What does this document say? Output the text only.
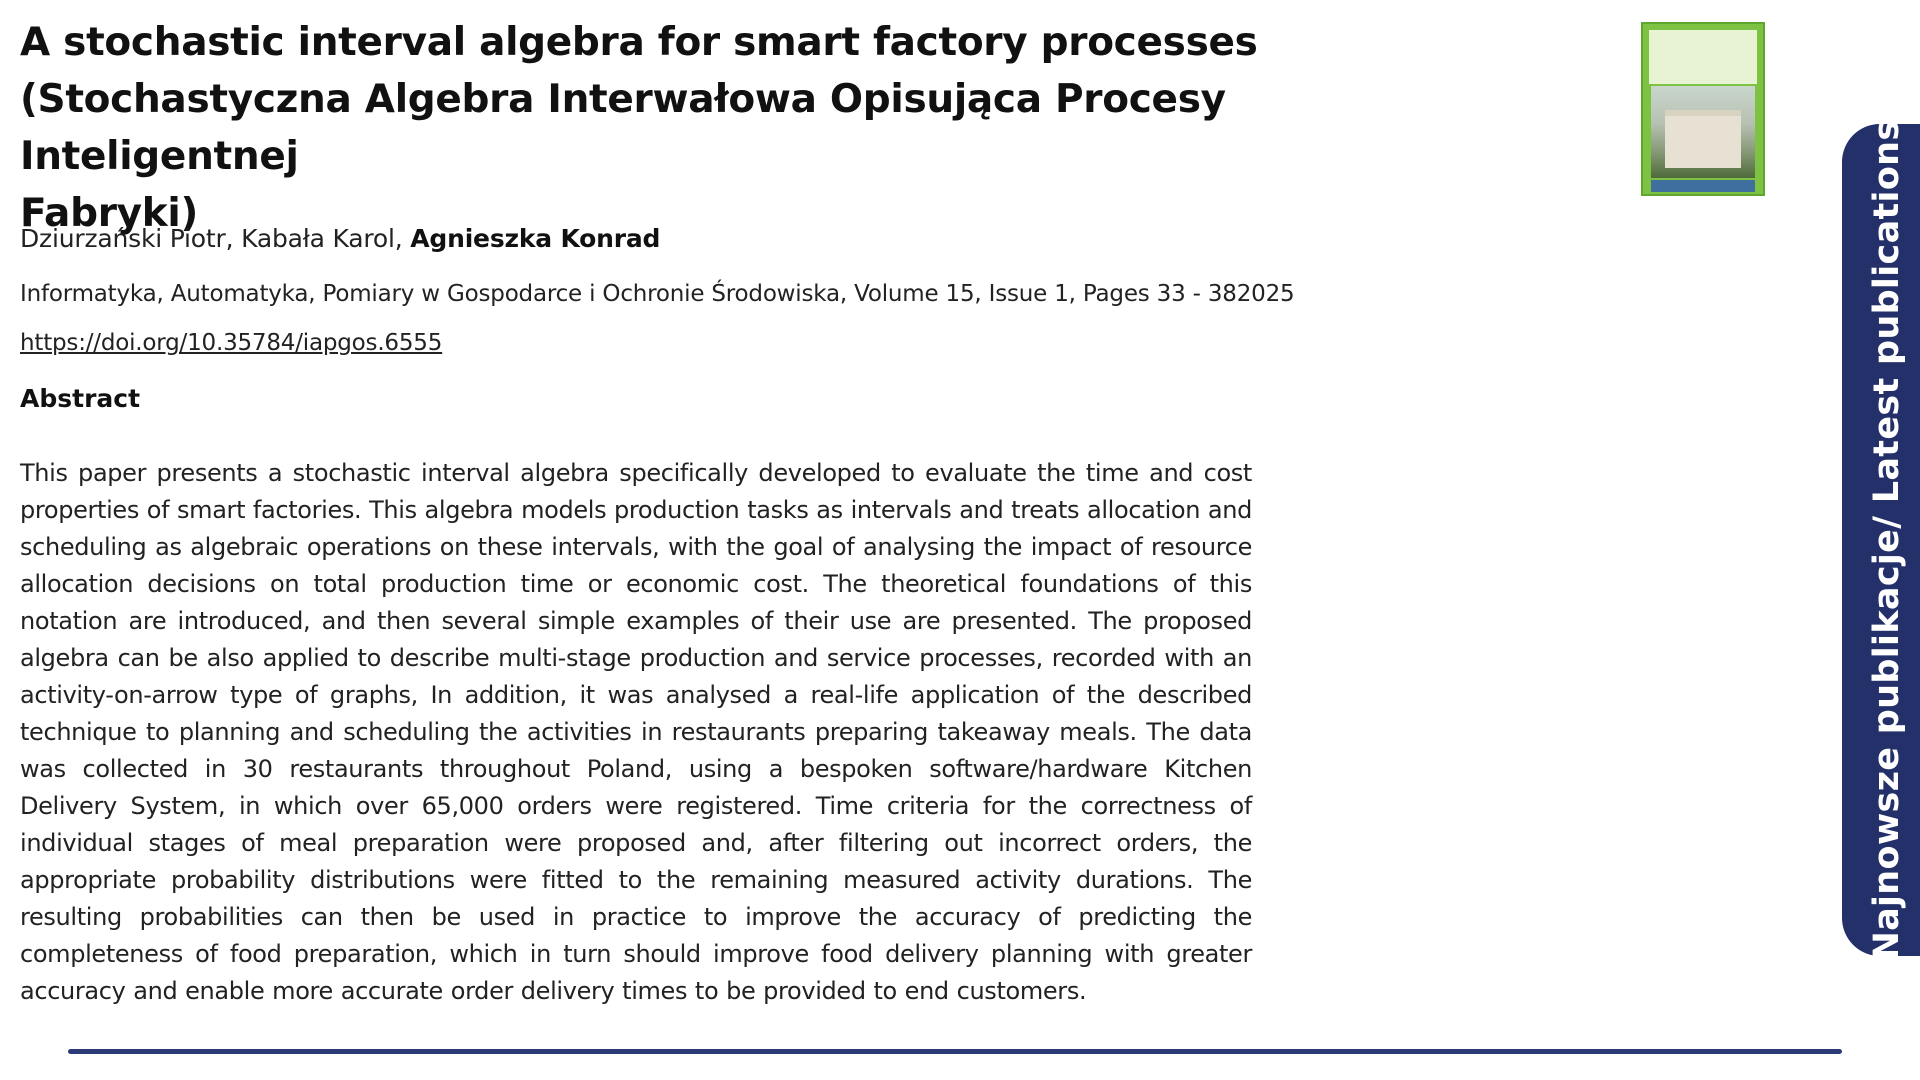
A stochastic interval algebra for smart factory processes
(Stochastyczna Algebra Interwałowa Opisująca Procesy Inteligentnej
Fabryki)
Dziurzański Piotr, Kabała Karol, Agnieszka Konrad
Informatyka, Automatyka, Pomiary w Gospodarce i Ochronie Środowiska, Volume 15, Issue 1, Pages 33 - 382025
https://doi.org/10.35784/iapgos.6555
Abstract

This paper presents a stochastic interval algebra specifically developed to evaluate the time and cost properties of smart factories. This algebra models production tasks as intervals and treats allocation and scheduling as algebraic operations on these intervals, with the goal of analysing the impact of resource allocation decisions on total production time or economic cost. The theoretical foundations of this notation are introduced, and then several simple examples of their use are presented. The proposed algebra can be also applied to describe multi-stage production and service processes, recorded with an activity-on-arrow type of graphs, In addition, it was analysed a real-life application of the described technique to planning and scheduling the activities in restaurants preparing takeaway meals. The data was collected in 30 restaurants throughout Poland, using a bespoken software/hardware Kitchen Delivery System, in which over 65,000 orders were registered. Time criteria for the correctness of individual stages of meal preparation were proposed and, after filtering out incorrect orders, the appropriate probability distributions were fitted to the remaining measured activity durations. The resulting probabilities can then be used in practice to improve the accuracy of predicting the completeness of food preparation, which in turn should improve food delivery planning with greater accuracy and enable more accurate order delivery times to be provided to end customers.

Najnowsze publikacje/ Latest publications
